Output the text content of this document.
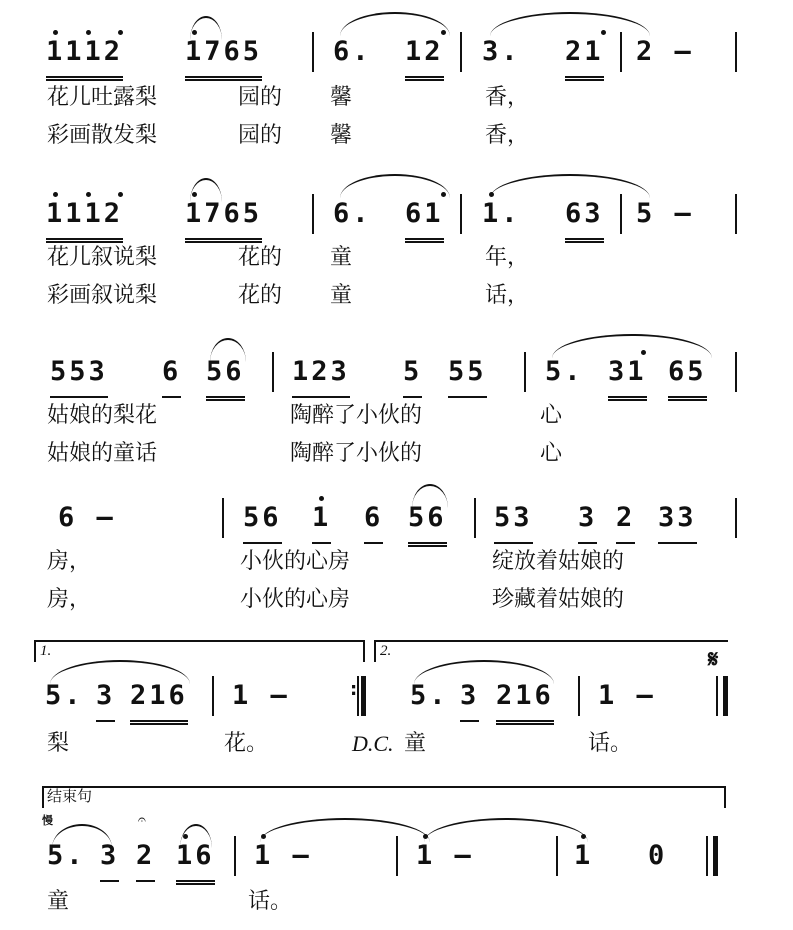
1112 1765	6. 12 3. 21 2 —
花儿吐露梨	园的 馨	香，
彩画散发梨	园的 馨	香，
1112 1765	6. 61 1. 63 5 —
花儿叙说梨	花的 童	年，
彩画叙说梨	花的 童	话，
553 6 56 123 5 55 5. 31 65
姑娘的梨花	陶醉了小伙的	心
姑娘的童话	陶醉了小伙的	心
6 —	56 1 6 56 53 3 2 33
房，	小伙的心房	绽放着姑娘的
房，	小伙的心房	珍藏着姑娘的
1.	2.	𝄋
5. 3 216 1 —	: 5. 3 216 1 —
梨	花。	D.C. 童	话。
结束句
慢
5. 3 2 16 1 —	1 —	1 0
𝄐
童	话。
